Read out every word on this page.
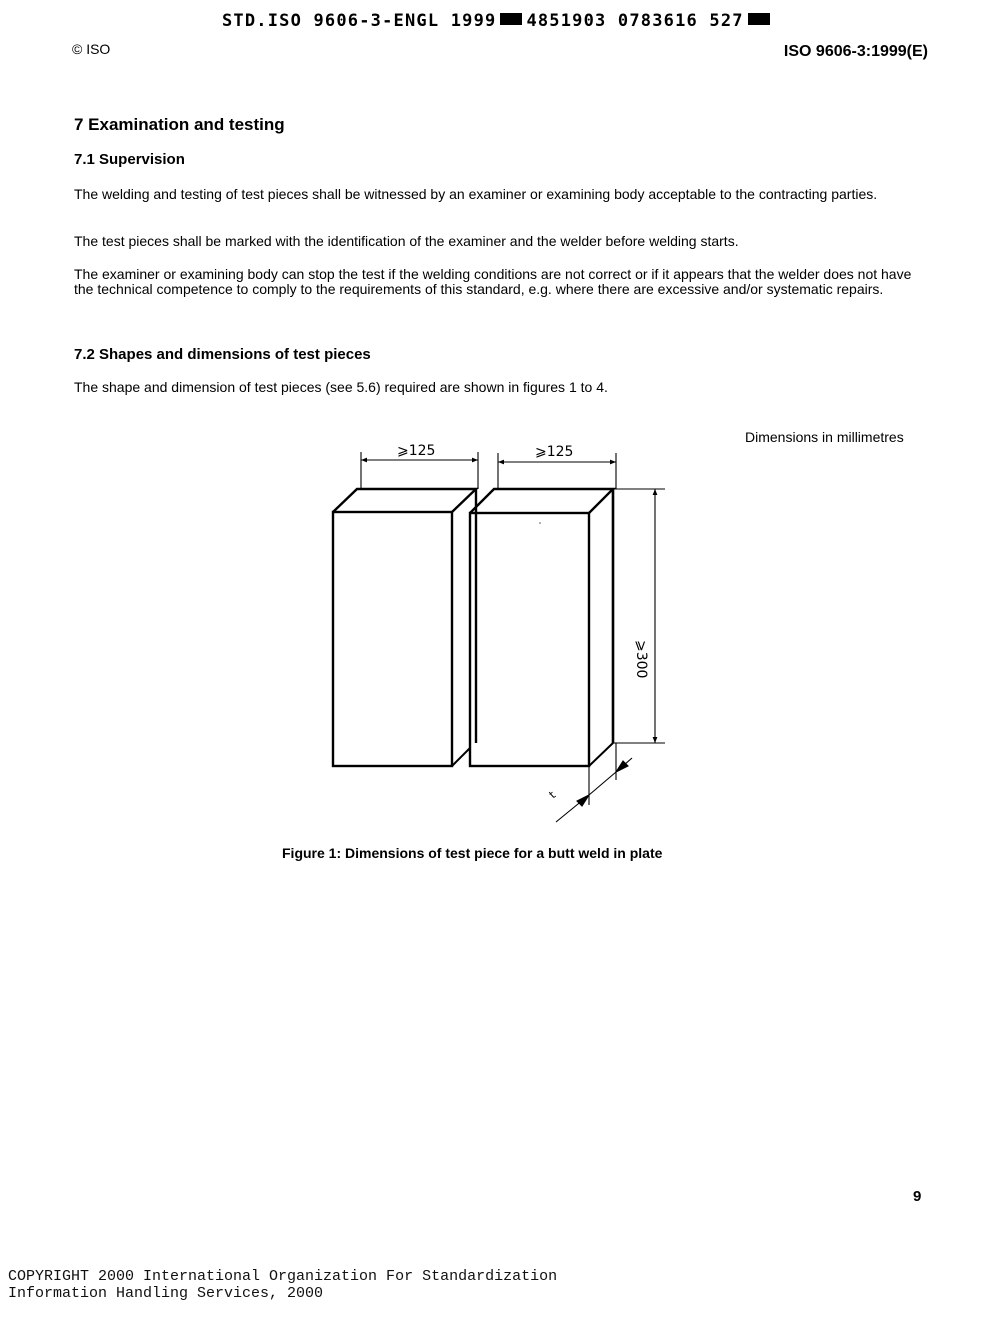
STD.ISO 9606-3-ENGL 1999 4851903 0783616 527
© ISO	ISO 9606-3:1999(E)
7 Examination and testing
7.1 Supervision

The welding and testing of test pieces shall be witnessed by an examiner or examining body acceptable to the contracting parties.

The test pieces shall be marked with the identification of the examiner and the welder before welding starts.

The examiner or examining body can stop the test if the welding conditions are not correct or if it appears that the welder does not have the technical competence to comply to the requirements of this standard, e.g. where there are excessive and/or systematic repairs.

7.2 Shapes and dimensions of test pieces

The shape and dimension of test pieces (see 5.6) required are shown in figures 1 to 4.

Dimensions in millimetres
⩾125	⩾125
⩾300
t
Figure 1: Dimensions of test piece for a butt weld in plate
9
COPYRIGHT 2000 International Organization For Standardization
Information Handling Services, 2000
